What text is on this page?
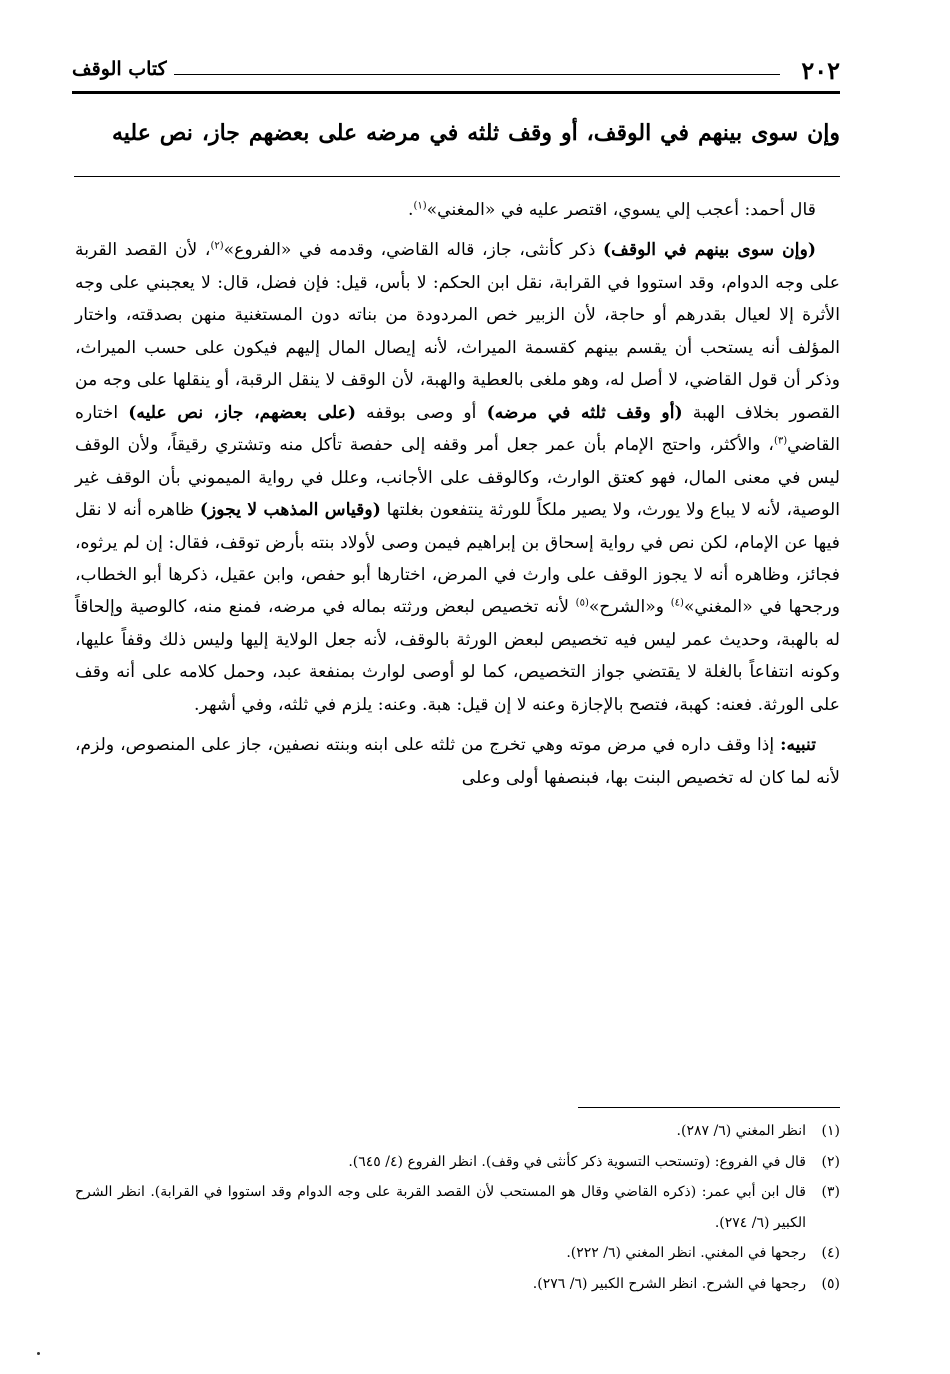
٢٠٢
كتاب الوقف
وإن سوى بينهم في الوقف، أو وقف ثلثه في مرضه على بعضهم جاز، نص عليه

قال أحمد: أعجب إلي يسوي، اقتصر عليه في «المغني»$^{(١)}$.

(وإن سوى بينهم في الوقف) ذكر كأنثى، جاز، قاله القاضي، وقدمه في «الفروع»$^{(٢)}$، لأن القصد القربة على وجه الدوام، وقد استووا في القرابة، نقل ابن الحكم: لا بأس، قيل: فإن فضل، قال: لا يعجبني على وجه الأثرة إلا لعيال بقدرهم أو حاجة، لأن الزبير خص المردودة من بناته دون المستغنية منهن بصدقته، واختار المؤلف أنه يستحب أن يقسم بينهم كقسمة الميراث، لأنه إيصال المال إليهم فيكون على حسب الميراث، وذكر أن قول القاضي، لا أصل له، وهو ملغى بالعطية والهبة، لأن الوقف لا ينقل الرقبة، أو ينقلها على وجه من القصور بخلاف الهبة (أو وقف ثلثه في مرضه) أو وصى بوقفه (على بعضهم، جاز، نص عليه) اختاره القاضي$^{(٣)}$، والأكثر، واحتج الإمام بأن عمر جعل أمر وقفه إلى حفصة تأكل منه وتشتري رقيقاً، ولأن الوقف ليس في معنى المال، فهو كعتق الوارث، وكالوقف على الأجانب، وعلل في رواية الميموني بأن الوقف غير الوصية، لأنه لا يباع ولا يورث، ولا يصير ملكاً للورثة ينتفعون بغلتها (وقياس المذهب لا يجوز) ظاهره أنه لا نقل فيها عن الإمام، لكن نص في رواية إسحاق بن إبراهيم فيمن وصى لأولاد بنته بأرض توقف، فقال: إن لم يرثوه، فجائز، وظاهره أنه لا يجوز الوقف على وارث في المرض، اختارها أبو حفص، وابن عقيل، ذكرها أبو الخطاب، ورجحها في «المغني»$^{(٤)}$ و«الشرح»$^{(٥)}$ لأنه تخصيص لبعض ورثته بماله في مرضه، فمنع منه، كالوصية وإلحاقاً له بالهبة، وحديث عمر ليس فيه تخصيص لبعض الورثة بالوقف، لأنه جعل الولاية إليها وليس ذلك وقفاً عليها، وكونه انتفاعاً بالغلة لا يقتضي جواز التخصيص، كما لو أوصى لوارث بمنفعة عبد، وحمل كلامه على أنه وقف على الورثة. فعنه: كهبة، فتصح بالإجازة وعنه لا إن قيل: هبة. وعنه: يلزم في ثلثه، وفي أشهر.

تنبيه: إذا وقف داره في مرض موته وهي تخرج من ثلثه على ابنه وبنته نصفين، جاز على المنصوص، ولزم، لأنه لما كان له تخصيص البنت بها، فبنصفها أولى وعلى

(١)
انظر المغني (٦/ ٢٨٧).

(٢)
قال في الفروع: (وتستحب التسوية ذكر كأنثى في وقف). انظر الفروع (٤/ ٦٤٥).

(٣)
قال ابن أبي عمر: (ذكره القاضي وقال هو المستحب لأن القصد القربة على وجه الدوام وقد استووا في القرابة). انظر الشرح الكبير (٦/ ٢٧٤).

(٤)
رجحها في المغني. انظر المغني (٦/ ٢٢٢).

(٥)
رجحها في الشرح. انظر الشرح الكبير (٦/ ٢٧٦).
